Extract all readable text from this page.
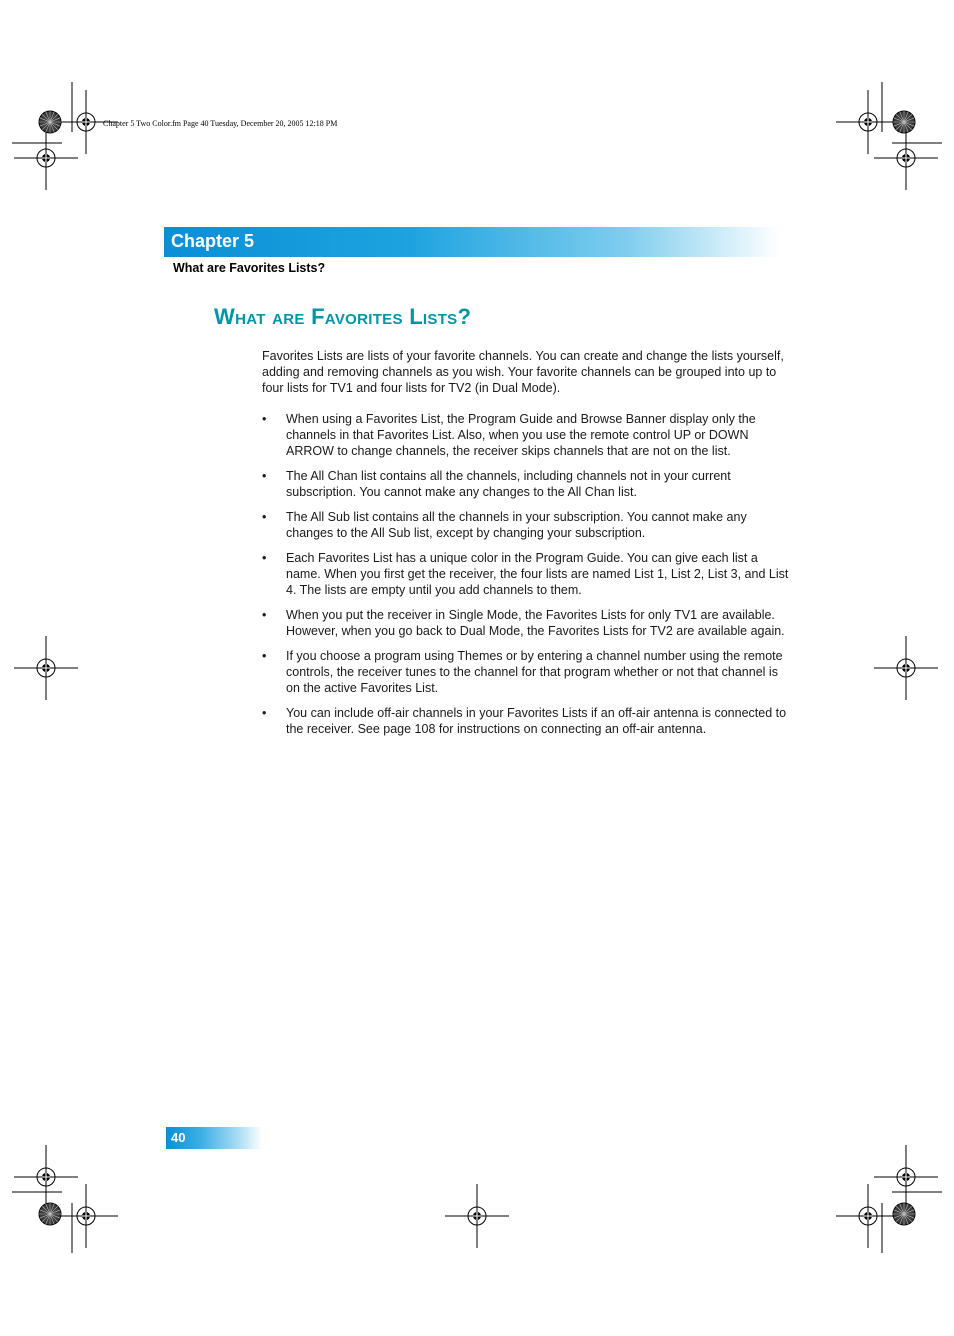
Chapter 5 Two Color.fm Page 40 Tuesday, December 20, 2005 12:18 PM
Chapter 5
What are Favorites Lists?
What are Favorites Lists?

Favorites Lists are lists of your favorite channels. You can create and change the lists yourself, adding and removing channels as you wish. Your favorite channels can be grouped into up to four lists for TV1 and four lists for TV2 (in Dual Mode).

• When using a Favorites List, the Program Guide and Browse Banner display only the channels in that Favorites List. Also, when you use the remote control UP or DOWN ARROW to change channels, the receiver skips channels that are not on the list.
• The All Chan list contains all the channels, including channels not in your current subscription. You cannot make any changes to the All Chan list.
• The All Sub list contains all the channels in your subscription. You cannot make any changes to the All Sub list, except by changing your subscription.
• Each Favorites List has a unique color in the Program Guide. You can give each list a name. When you first get the receiver, the four lists are named List 1, List 2, List 3, and List 4. The lists are empty until you add channels to them.
• When you put the receiver in Single Mode, the Favorites Lists for only TV1 are available. However, when you go back to Dual Mode, the Favorites Lists for TV2 are available again.
• If you choose a program using Themes or by entering a channel number using the remote controls, the receiver tunes to the channel for that program whether or not that channel is on the active Favorites List.
• You can include off-air channels in your Favorites Lists if an off-air antenna is connected to the receiver. See page 108 for instructions on connecting an off-air antenna.
40
